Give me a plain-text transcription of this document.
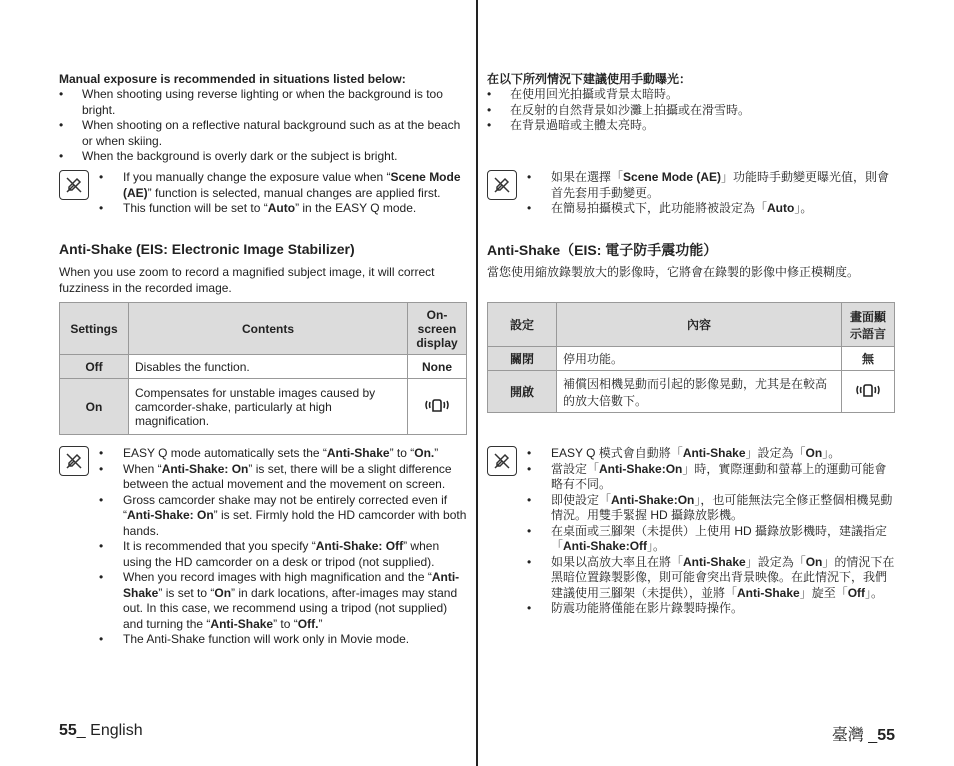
Manual exposure is recommended in situations listed below:
• When shooting using reverse lighting or when the background is too bright.
• When shooting on a reflective natural background such as at the beach or when skiing.
• When the background is overly dark or the subject is bright.
• If you manually change the exposure value when “Scene Mode (AE)” function is selected, manual changes are applied first.
• This function will be set to “Auto” in the EASY Q mode.
Anti-Shake (EIS: Electronic Image Stabilizer)
When you use zoom to record a magnified subject image, it will correct fuzziness in the recorded image.
Settings	Contents	On-screen display
Off	Disables the function.	None
On	Compensates for unstable images caused by camcorder-shake, particularly at high magnification.	
• EASY Q mode automatically sets the “Anti-Shake” to “On.”
• When “Anti-Shake: On” is set, there will be a slight difference between the actual movement and the movement on screen.
• Gross camcorder shake may not be entirely corrected even if “Anti-Shake: On” is set. Firmly hold the HD camcorder with both hands.
• It is recommended that you specify “Anti-Shake: Off” when using the HD camcorder on a desk or tripod (not supplied).
• When you record images with high magnification and the “Anti-Shake” is set to “On” in dark locations, after-images may stand out. In this case, we recommend using a tripod (not supplied) and turning the “Anti-Shake” to “Off.”
• The Anti-Shake function will work only in Movie mode.
55_ English
在以下所列情況下建議使用手動曝光：
• 在使用回光拍攝或背景太暗時。
• 在反射的自然背景如沙灘上拍攝或在滑雪時。
• 在背景過暗或主體太亮時。
• 如果在選擇「Scene Mode (AE)」功能時手動變更曝光值，則會首先套用手動變更。
• 在簡易拍攝模式下，此功能將被設定為「Auto」。
Anti-Shake（EIS: 電子防手震功能）
當您使用縮放錄製放大的影像時，它將會在錄製的影像中修正模糊度。
設定	內容	畫面顯示語言
關閉	停用功能。	無
開啟	補償因相機晃動而引起的影像晃動，尤其是在較高的放大倍數下。	
• EASY Q 模式會自動將「Anti-Shake」設定為「On」。
• 當設定「Anti-Shake:On」時，實際運動和螢幕上的運動可能會略有不同。
• 即使設定「Anti-Shake:On」，也可能無法完全修正整個相機晃動情況。用雙手緊握 HD 攝錄放影機。
• 在桌面或三腳架（未提供）上使用 HD 攝錄放影機時，建議指定「Anti-Shake:Off」。
• 如果以高放大率且在將「Anti-Shake」設定為「On」的情況下在黑暗位置錄製影像，則可能會突出背景映像。在此情況下，我們建議使用三腳架（未提供），並將「Anti-Shake」旋至「Off」。
• 防震功能將僅能在影片錄製時操作。
臺灣 _55
